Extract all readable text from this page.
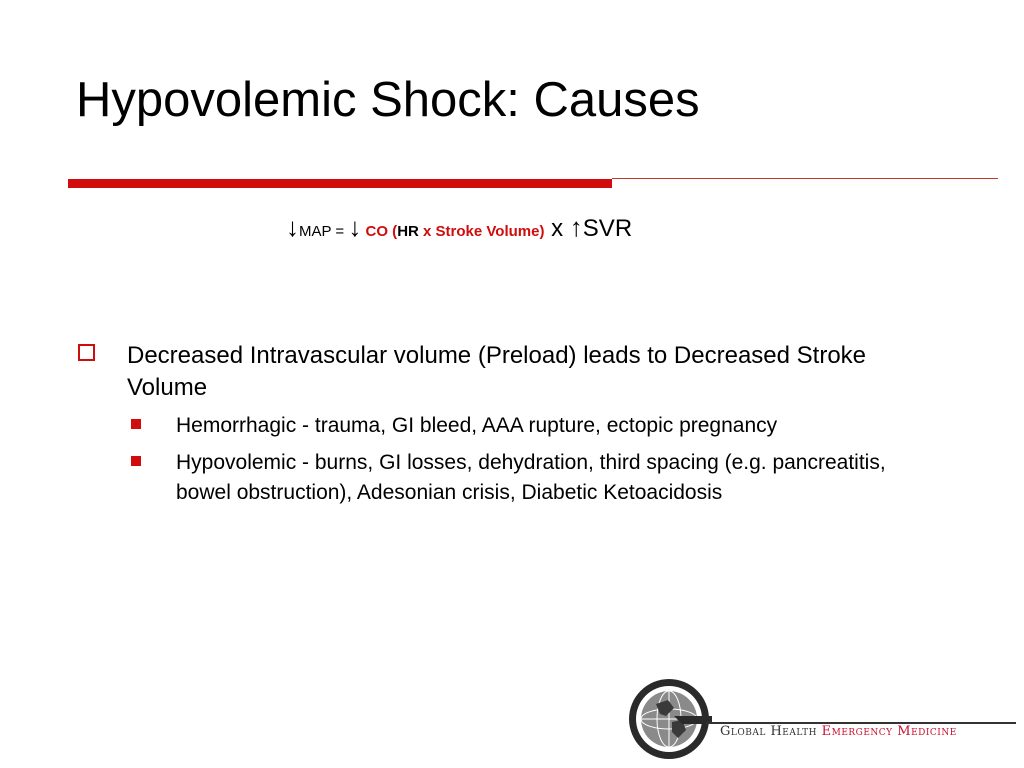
Hypovolemic Shock: Causes
↓MAP = ↓ CO (HR x Stroke Volume) x ↑SVR
Decreased Intravascular volume (Preload) leads to Decreased Stroke Volume
Hemorrhagic - trauma, GI bleed, AAA rupture, ectopic pregnancy
Hypovolemic - burns, GI losses, dehydration, third spacing (e.g. pancreatitis, bowel obstruction), Adesonian crisis, Diabetic Ketoacidosis
Global Health Emergency Medicine
